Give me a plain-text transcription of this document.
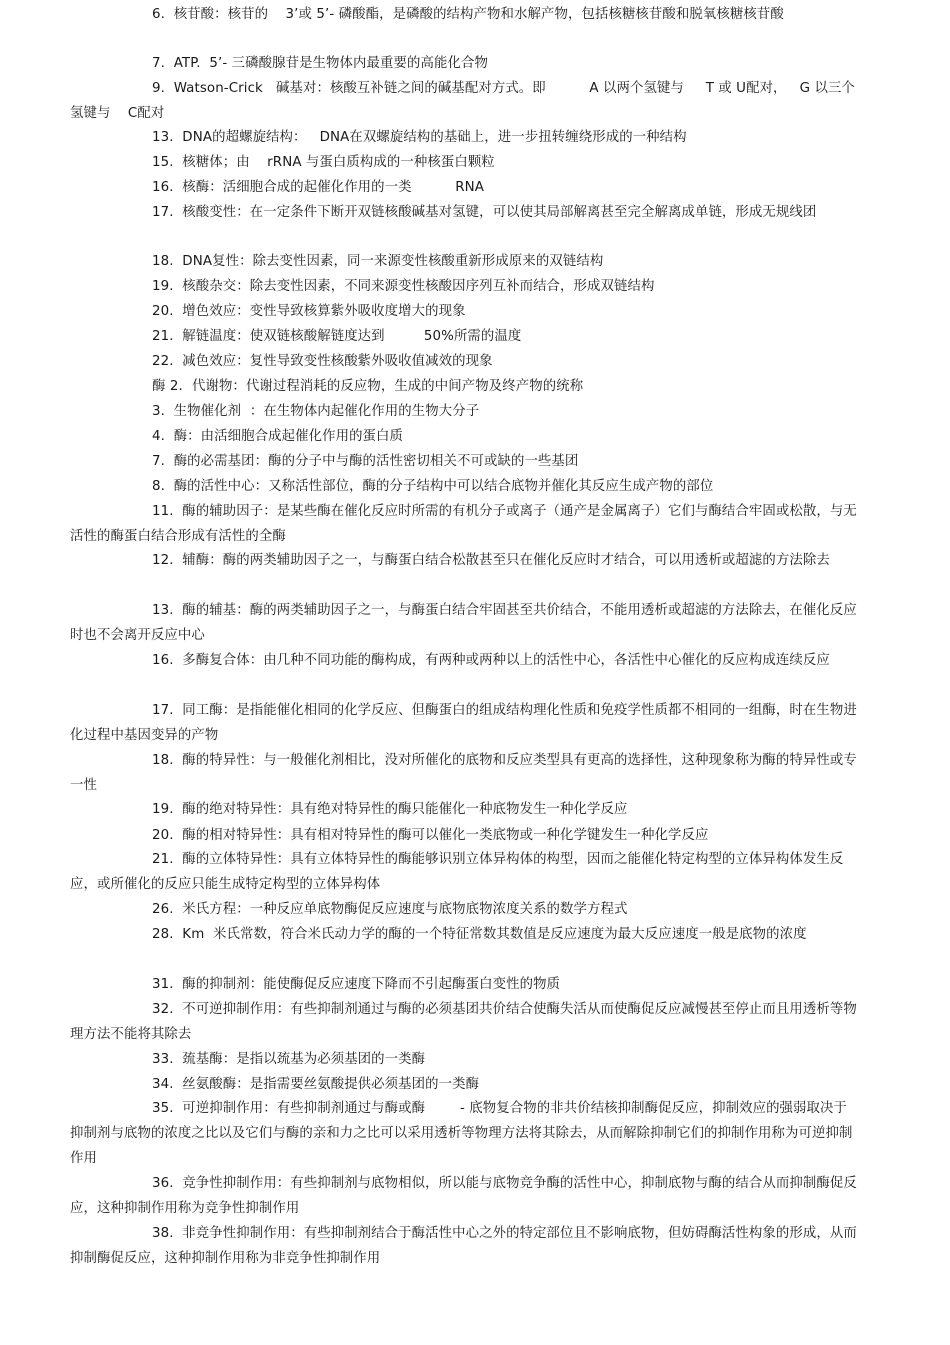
6.  核苷酸：核苷的    3’或 5’- 磷酸酯，是磷酸的结构产物和水解产物，包括核糖核苷酸和脱氧核糖核苷酸
7.  ATP.  5’- 三磷酸腺苷是生物体内最重要的高能化合物
9.  Watson-Crick   碱基对：核酸互补链之间的碱基配对方式。即          A 以两个氢键与     T 或 U配对，   G 以三个氢键与    C配对
13.  DNA的超螺旋结构：   DNA在双螺旋结构的基础上，进一步扭转缠绕形成的一种结构
15.  核糖体；由    rRNA 与蛋白质构成的一种核蛋白颗粒
16.  核酶：活细胞合成的起催化作用的一类          RNA
17.  核酸变性：在一定条件下断开双链核酸碱基对氢键，可以使其局部解离甚至完全解离成单链，形成无规线团
18.  DNA复性：除去变性因素，同一来源变性核酸重新形成原来的双链结构
19.  核酸杂交：除去变性因素，不同来源变性核酸因序列互补而结合，形成双链结构
20.  增色效应：变性导致核算紫外吸收度增大的现象
21.  解链温度：使双链核酸解链度达到         50%所需的温度
22.  减色效应：复性导致变性核酸紫外吸收值减效的现象
酶 2．代谢物：代谢过程消耗的反应物，生成的中间产物及终产物的统称
3.  生物催化剂  ：在生物体内起催化作用的生物大分子
4.  酶：由活细胞合成起催化作用的蛋白质
7.  酶的必需基团：酶的分子中与酶的活性密切相关不可或缺的一些基团
8.  酶的活性中心：又称活性部位，酶的分子结构中可以结合底物并催化其反应生成产物的部位
11.  酶的辅助因子：是某些酶在催化反应时所需的有机分子或离子（通产是金属离子）它们与酶结合牢固或松散，与无活性的酶蛋白结合形成有活性的全酶
12.  辅酶：酶的两类辅助因子之一，与酶蛋白结合松散甚至只在催化反应时才结合，可以用透析或超滤的方法除去
13.  酶的辅基：酶的两类辅助因子之一，与酶蛋白结合牢固甚至共价结合，不能用透析或超滤的方法除去，在催化反应时也不会离开反应中心
16.  多酶复合体：由几种不同功能的酶构成，有两种或两种以上的活性中心，各活性中心催化的反应构成连续反应
17.  同工酶：是指能催化相同的化学反应、但酶蛋白的组成结构理化性质和免疫学性质都不相同的一组酶，时在生物进化过程中基因变异的产物
18.  酶的特异性：与一般催化剂相比，没对所催化的底物和反应类型具有更高的选择性，这种现象称为酶的特异性或专一性
19.  酶的绝对特异性：具有绝对特异性的酶只能催化一种底物发生一种化学反应
20.  酶的相对特异性：具有相对特异性的酶可以催化一类底物或一种化学键发生一种化学反应
21.  酶的立体特异性：具有立体特异性的酶能够识别立体异构体的构型，因而之能催化特定构型的立体异构体发生反应，或所催化的反应只能生成特定构型的立体异构体
26.  米氏方程：一种反应单底物酶促反应速度与底物底物浓度关系的数学方程式
28.  Km  米氏常数，符合米氏动力学的酶的一个特征常数其数值是反应速度为最大反应速度一般是底物的浓度
31.  酶的抑制剂：能使酶促反应速度下降而不引起酶蛋白变性的物质
32.  不可逆抑制作用：有些抑制剂通过与酶的必须基团共价结合使酶失活从而使酶促反应减慢甚至停止而且用透析等物理方法不能将其除去
33.  巯基酶：是指以巯基为必须基团的一类酶
34.  丝氨酸酶：是指需要丝氨酸提供必须基团的一类酶
35.  可逆抑制作用：有些抑制剂通过与酶或酶        - 底物复合物的非共价结核抑制酶促反应，抑制效应的强弱取决于抑制剂与底物的浓度之比以及它们与酶的亲和力之比可以采用透析等物理方法将其除去，从而解除抑制它们的抑制作用称为可逆抑制作用
36.  竞争性抑制作用：有些抑制剂与底物相似，所以能与底物竞争酶的活性中心，抑制底物与酶的结合从而抑制酶促反应，这种抑制作用称为竞争性抑制作用
38.  非竞争性抑制作用：有些抑制剂结合于酶活性中心之外的特定部位且不影响底物，但妨碍酶活性构象的形成，从而抑制酶促反应，这种抑制作用称为非竞争性抑制作用
